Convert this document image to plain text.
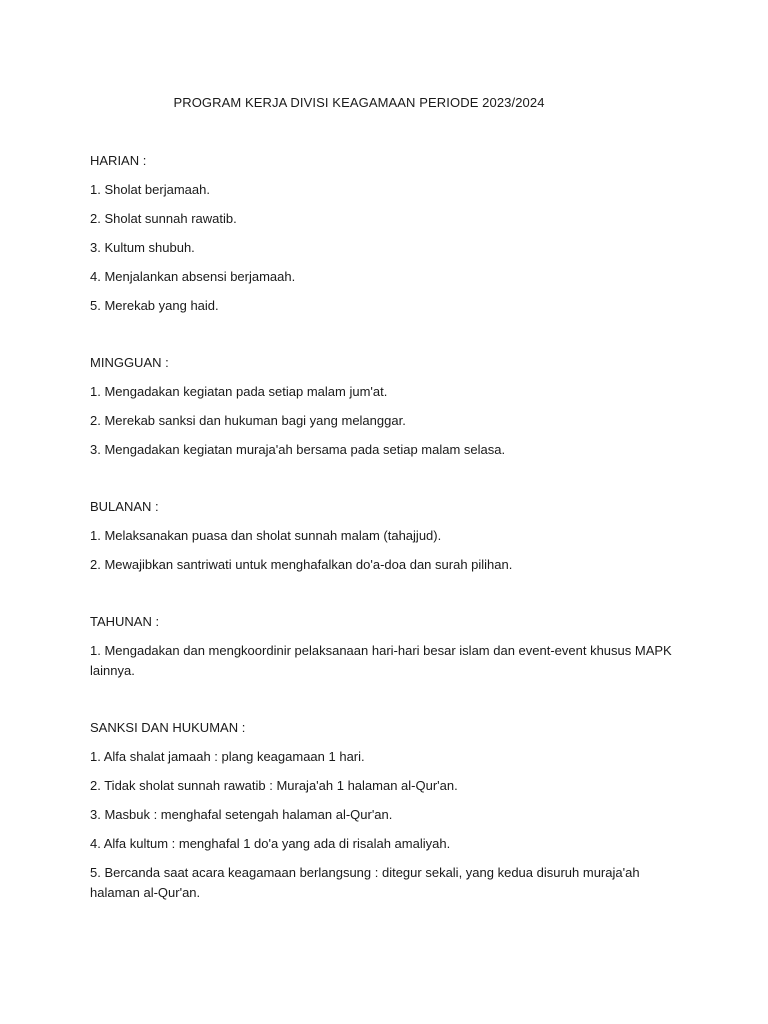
PROGRAM KERJA DIVISI KEAGAMAAN PERIODE 2023/2024
HARIAN :
1. Sholat berjamaah.
2. Sholat sunnah rawatib.
3. Kultum shubuh.
4. Menjalankan absensi berjamaah.
5. Merekab yang haid.
MINGGUAN :
1. Mengadakan kegiatan pada setiap malam jum'at.
2. Merekab sanksi dan hukuman bagi yang melanggar.
3. Mengadakan kegiatan muraja'ah bersama pada setiap malam selasa.
BULANAN :
1. Melaksanakan puasa dan sholat sunnah malam (tahajjud).
2. Mewajibkan santriwati untuk menghafalkan do'a-doa dan surah pilihan.
TAHUNAN :
1. Mengadakan dan mengkoordinir pelaksanaan hari-hari besar islam dan event-event khusus MAPK lainnya.
SANKSI DAN HUKUMAN :
1. Alfa shalat jamaah : plang keagamaan 1 hari.
2. Tidak sholat sunnah rawatib : Muraja'ah 1 halaman al-Qur'an.
3. Masbuk : menghafal setengah halaman al-Qur'an.
4. Alfa kultum : menghafal 1 do'a yang ada di risalah amaliyah.
5. Bercanda saat acara keagamaan berlangsung : ditegur sekali, yang kedua disuruh muraja'ah halaman al-Qur'an.
